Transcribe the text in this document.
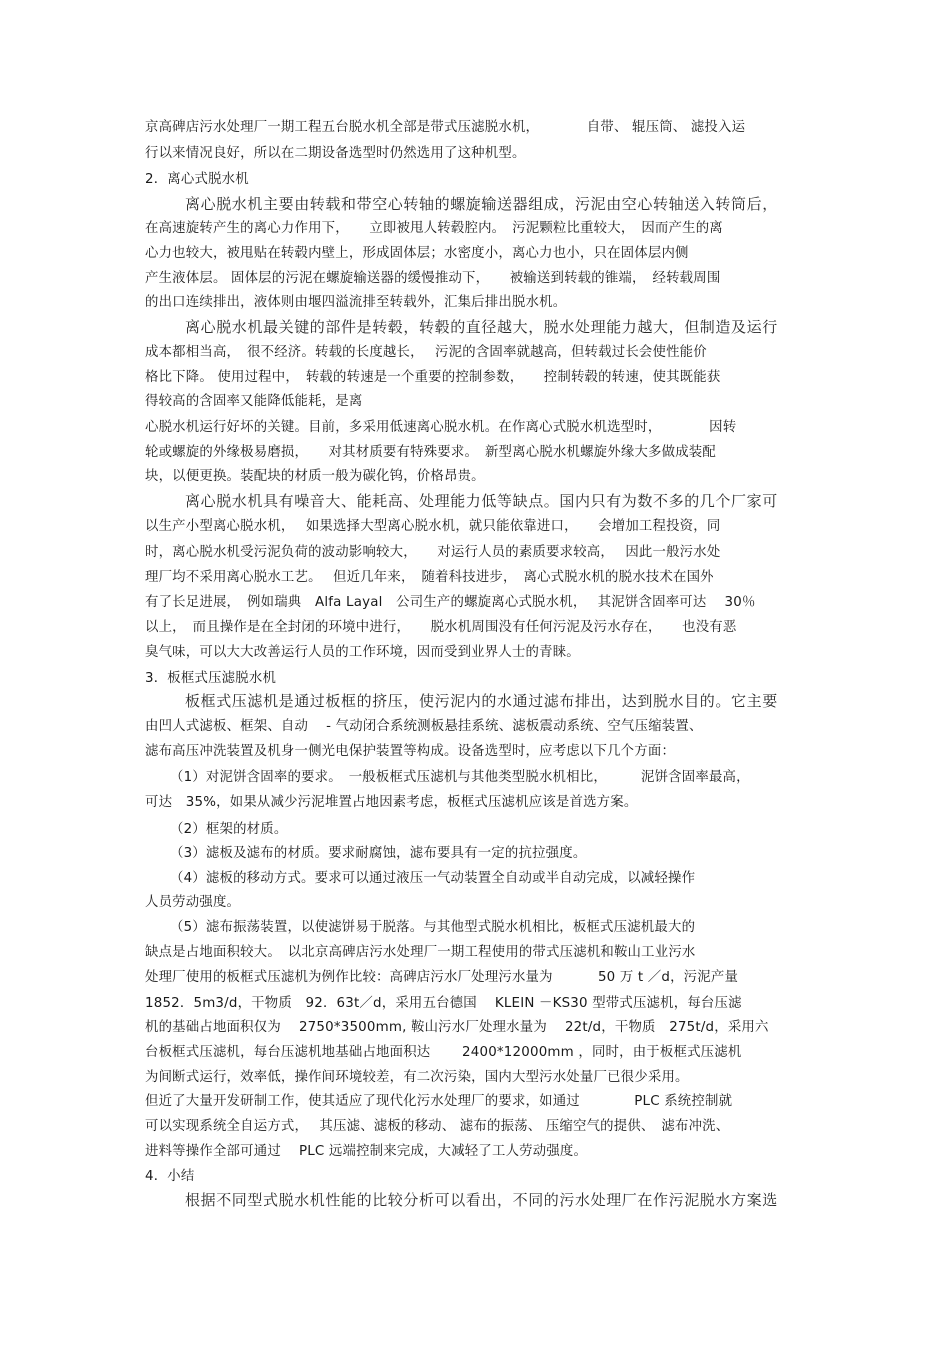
京高碑店污水处理厂一期工程五台脱水机全部是带式压滤脱水机，　　　　自带、 辊压筒、 滤投入运
行以来情况良好，所以在二期设备选型时仍然选用了这种机型。
2．离心式脱水机
离心脱水机主要由转载和带空心转轴的螺旋输送器组成，污泥由空心转轴送入转筒后，
在高速旋转产生的离心力作用下，　　立即被甩人转毂腔内。　污泥颗粒比重较大，　因而产生的离
心力也较大，被甩贴在转毂内壁上，形成固体层；水密度小，离心力也小，只在固体层内侧
产生液体层。 固体层的污泥在螺旋输送器的缓慢推动下，　　被输送到转载的锥端，　经转载周围
的出口连续排出，液体则由堰四溢流排至转载外，汇集后排出脱水机。
离心脱水机最关键的部件是转毂，转毂的直径越大，脱水处理能力越大，但制造及运行
成本都相当高，　很不经济。转载的长度越长，　 污泥的含固率就越高，但转载过长会使性能价
格比下降。 使用过程中，　转载的转速是一个重要的控制参数，　　控制转毂的转速，使其既能获
得较高的含固率又能降低能耗，是离
心脱水机运行好坏的关键。目前，多采用低速离心脱水机。在作离心式脱水机选型时，　　　　因转
轮或螺旋的外缘极易磨损，　　对其材质要有特殊要求。　新型离心脱水机螺旋外缘大多做成装配
块，以便更换。装配块的材质一般为碳化钨，价格昂贵。
离心脱水机具有噪音大、能耗高、处理能力低等缺点。国内只有为数不多的几个厂家可
以生产小型离心脱水机，　 如果选择大型离心脱水机，就只能依靠进口，　　会增加工程投资，同
时，离心脱水机受污泥负荷的波动影响较大，　　对运行人员的素质要求较高，　 因此一般污水处
理厂均不采用离心脱水工艺。　 但近几年来，　随着科技进步，　离心式脱水机的脱水技术在国外
有了长足进展，　例如瑞典　Alfa Layal　公司生产的螺旋离心式脱水机，　 其泥饼含固率可达　 30％
以上，　而且操作是在全封闭的环境中进行，　　脱水机周围没有任何污泥及污水存在，　　也没有恶
臭气味，可以大大改善运行人员的工作环境，因而受到业界人士的青睐。
3．板框式压滤脱水机
板框式压滤机是通过板框的挤压，使污泥内的水通过滤布排出，达到脱水目的。它主要
由凹人式滤板、框架、自动　 - 气动闭合系统测板悬挂系统、滤板震动系统、空气压缩装置、
滤布高压冲洗装置及机身一侧光电保护装置等构成。设备选型时，应考虑以下几个方面：
（1）对泥饼含固率的要求。　一般板框式压滤机与其他类型脱水机相比，　　　泥饼含固率最高，
可达　35%，如果从减少污泥堆置占地因素考虑，板框式压滤机应该是首选方案。
（2）框架的材质。
（3）滤板及滤布的材质。要求耐腐蚀，滤布要具有一定的抗拉强度。
（4）滤板的移动方式。要求可以通过液压一气动装置全自动或半自动完成，以减轻操作
人员劳动强度。
（5）滤布振荡装置，以使滤饼易于脱落。与其他型式脱水机相比，板框式压滤机最大的
缺点是占地面积较大。　以北京高碑店污水处理厂一期工程使用的带式压滤机和鞍山工业污水
处理厂使用的板框式压滤机为例作比较：高碑店污水厂处理污水量为　　　 50 万 t ／d，污泥产量
1852．5m3/d，干物质　92．63t／d，采用五台德国　 KLEIN －KS30 型带式压滤机，每台压滤
机的基础占地面积仅为　 2750*3500mm, 鞍山污水厂处理水量为　 22t/d，干物质　275t/d，采用六
台板框式压滤机，每台压滤机地基础占地面积达　　 2400*12000mm ，同时，由于板框式压滤机
为间断式运行，效率低，操作间环境较差，有二次污染，国内大型污水处量厂已很少采用。
但近了大量开发研制工作，使其适应了现代化污水处理厂的要求，如通过　　　　PLC 系统控制就
可以实现系统全自运方式，　 其压滤、滤板的移动、 滤布的振荡、 压缩空气的提供、　滤布冲洗、
进料等操作全部可通过　 PLC 远端控制来完成，大减轻了工人劳动强度。
4．小结
根据不同型式脱水机性能的比较分析可以看出，不同的污水处理厂在作污泥脱水方案选
